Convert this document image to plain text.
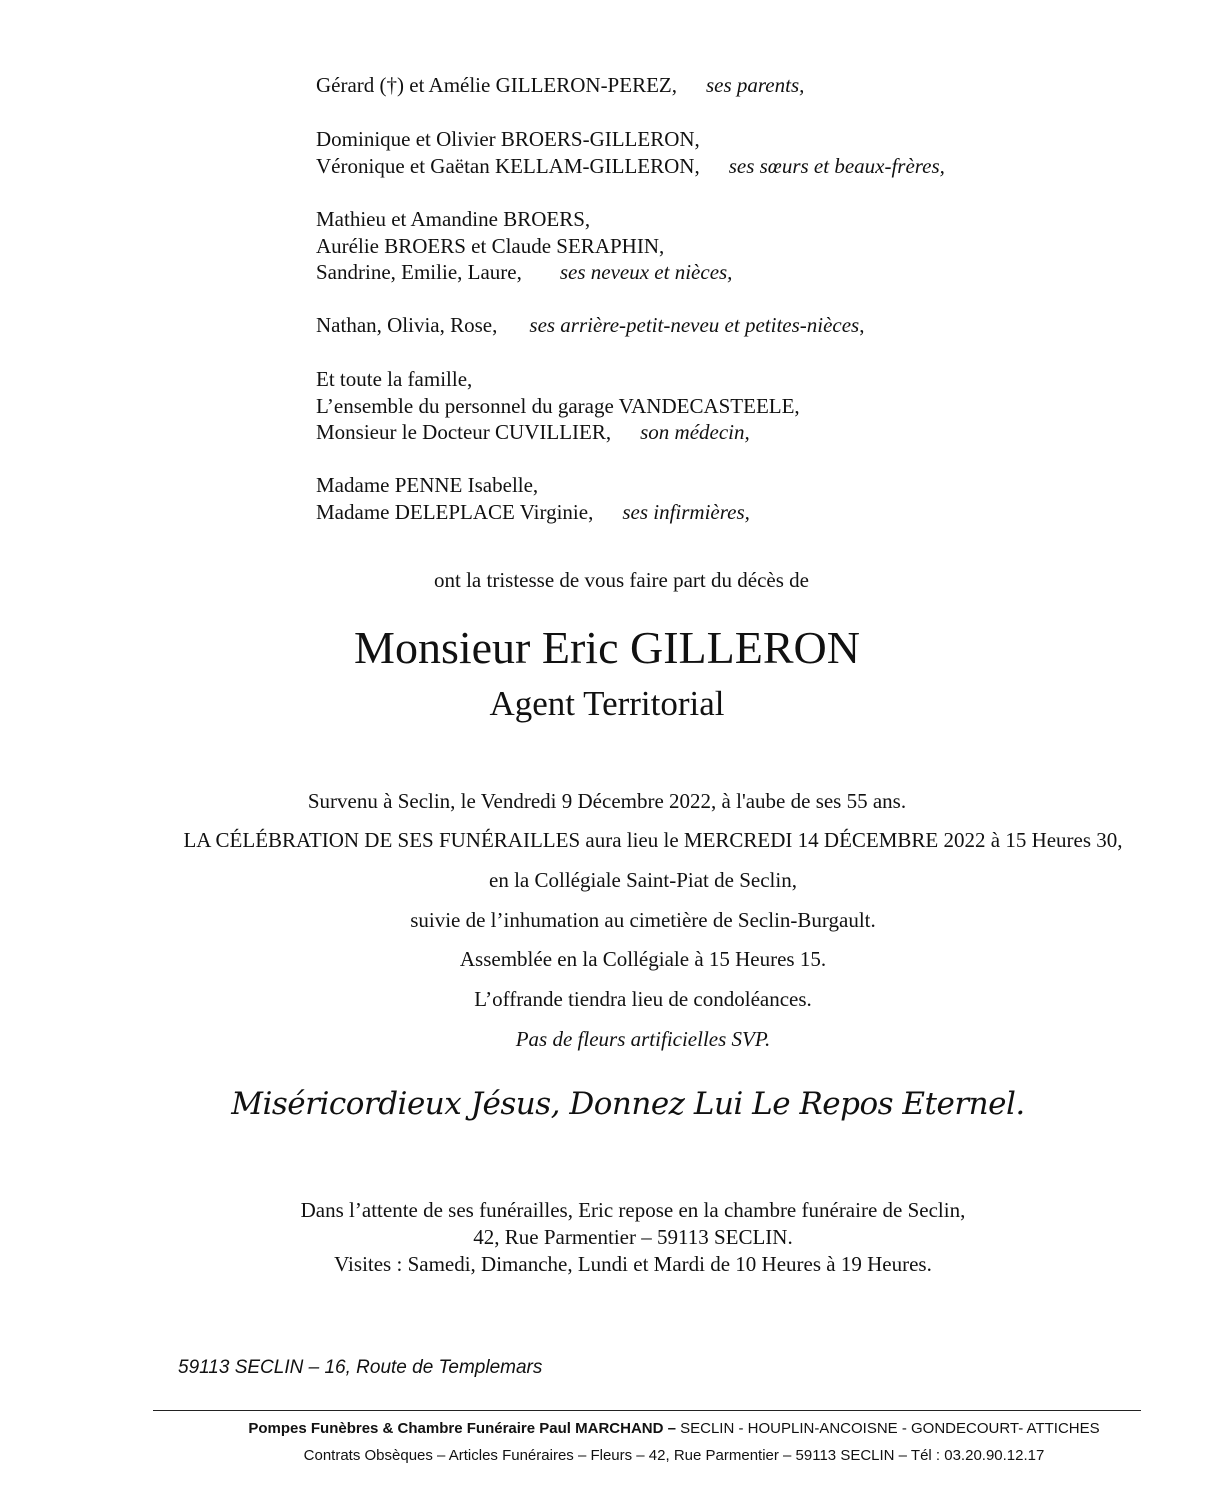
Gérard (†) et Amélie GILLERON-PEREZ, ses parents,
Dominique et Olivier BROERS-GILLERON,
Véronique et Gaëtan KELLAM-GILLERON, ses sœurs et beaux-frères,
Mathieu et Amandine BROERS,
Aurélie BROERS et Claude SERAPHIN,
Sandrine, Emilie, Laure, ses neveux et nièces,
Nathan, Olivia, Rose, ses arrière-petit-neveu et petites-nièces,
Et toute la famille,
L’ensemble du personnel du garage VANDECASTEELE,
Monsieur le Docteur CUVILLIER, son médecin,
Madame PENNE Isabelle,
Madame DELEPLACE Virginie, ses infirmières,
ont la tristesse de vous faire part du décès de
Monsieur Eric GILLERON
Agent Territorial
Survenu à Seclin, le Vendredi 9 Décembre 2022, à l'aube de ses 55 ans.
LA CÉLÉBRATION DE SES FUNÉRAILLES aura lieu le MERCREDI 14 DÉCEMBRE 2022 à 15 Heures 30,
en la Collégiale Saint-Piat de Seclin,
suivie de l’inhumation au cimetière de Seclin-Burgault.
Assemblée en la Collégiale à 15 Heures 15.
L’offrande tiendra lieu de condoléances.
Pas de fleurs artificielles SVP.
Miséricordieux Jésus, Donnez Lui Le Repos Eternel.
Dans l’attente de ses funérailles, Eric repose en la chambre funéraire de Seclin,
42, Rue Parmentier – 59113 SECLIN.
Visites : Samedi, Dimanche, Lundi et Mardi de 10 Heures à 19 Heures.
59113 SECLIN – 16, Route de Templemars
Pompes Funèbres & Chambre Funéraire Paul MARCHAND – SECLIN - HOUPLIN-ANCOISNE - GONDECOURT- ATTICHES
Contrats Obsèques – Articles Funéraires – Fleurs – 42, Rue Parmentier – 59113 SECLIN – Tél : 03.20.90.12.17
